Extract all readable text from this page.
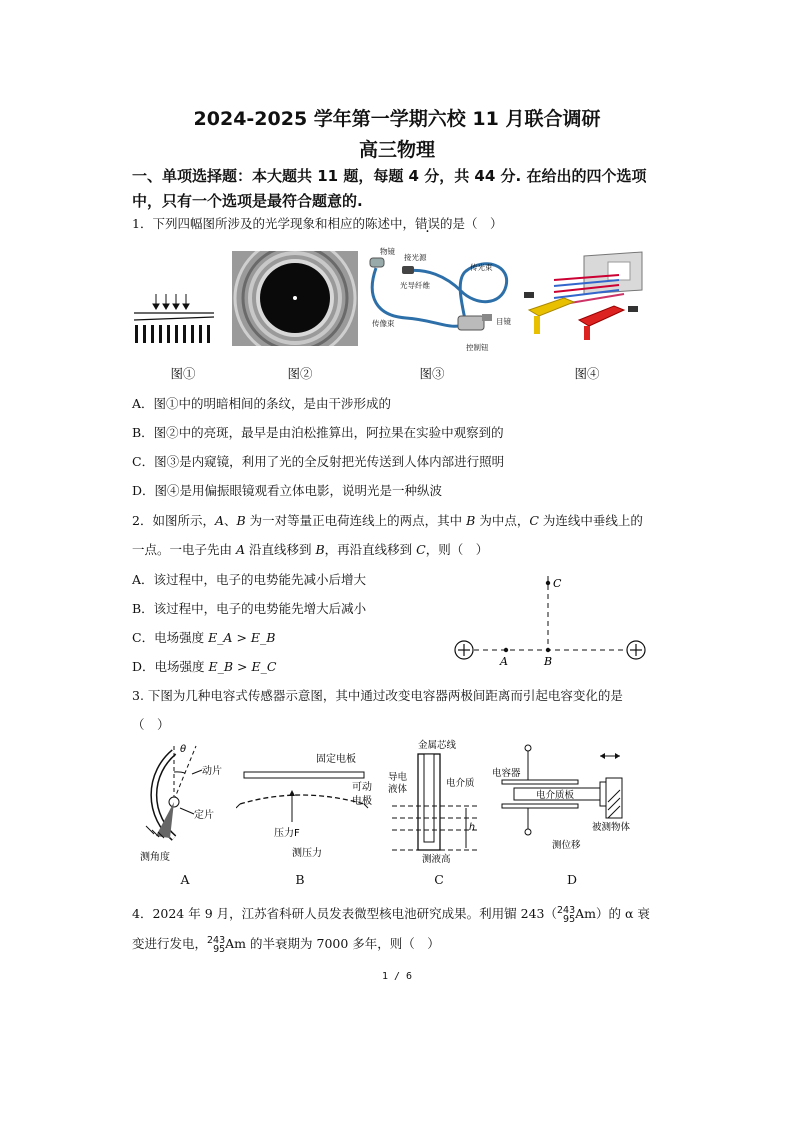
2024-2025 学年第一学期六校 11 月联合调研
高三物理
一、单项选择题：本大题共 11 题，每题 4 分，共 44 分. 在给出的四个选项
中，只有一个选项是最符合题意的.
1．下列四幅图所涉及的光学现象和相应的陈述中，错误的是（　）
物镜
接光源
传光束
光导纤维
传像束	目镜
控制钮
图①	图②	图③	图④
A．图①中的明暗相间的条纹，是由干涉形成的
B．图②中的亮斑，最早是由泊松推算出，阿拉果在实验中观察到的
C．图③是内窥镜，利用了光的全反射把光传送到人体内部进行照明
D．图④是用偏振眼镜观看立体电影，说明光是一种纵波
2．如图所示，A、B 为一对等量正电荷连线上的两点，其中 B 为中点，C 为连线中垂线上的
一点。一电子先由 A 沿直线移到 B，再沿直线移到 C，则（　）
A．该过程中，电子的电势能先减小后增大
B．该过程中，电子的电势能先增大后减小
C．电场强度 E_A > E_B
D．电场强度 E_B > E_C	A	B
C
3. 下图为几种电容式传感器示意图，其中通过改变电容器两极间距离而引起电容变化的是
（　）
θ
动片
定片
测角度
固定电板
可动
电极
压力F
测压力
金属芯线
导电
液体
电介质
h
测液高
电容器
电介质板
被测物体
测位移
A	B	C	D
4．2024 年 9 月，江苏省科研人员发表微型核电池研究成果。利用镅 243（ 243
95 Am）的 α 衰
变进行发电， 243
95 Am 的半衰期为 7000 多年，则（　）
1 / 6
